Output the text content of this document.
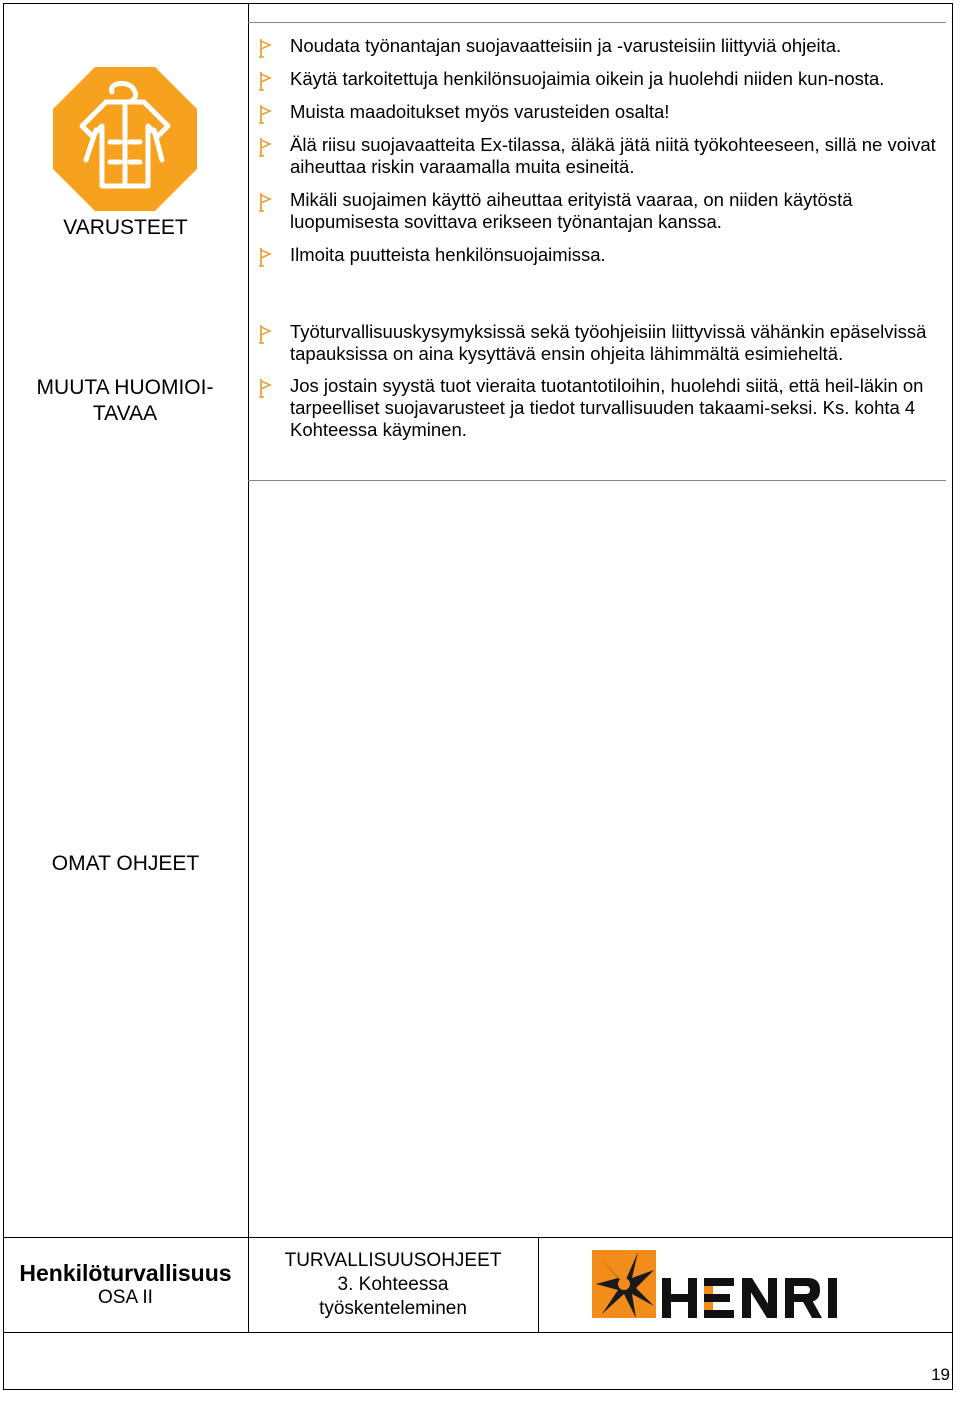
VARUSTEET
MUUTA HUOMIOI-TAVAA
OMAT OHJEET
Noudata työnantajan suojavaatteisiin ja -varusteisiin liittyviä ohjeita.
Käytä tarkoitettuja henkilönsuojaimia oikein ja huolehdi niiden kun-nosta.
Muista maadoitukset myös varusteiden osalta!
Älä riisu suojavaatteita Ex-tilassa, äläkä jätä niitä työkohteeseen, sillä ne voivat aiheuttaa riskin varaamalla muita esineitä.
Mikäli suojaimen käyttö aiheuttaa erityistä vaaraa, on niiden käytöstä luopumisesta sovittava erikseen työnantajan kanssa.
Ilmoita puutteista henkilönsuojaimissa.
Työturvallisuuskysymyksissä sekä työohjeisiin liittyvissä vähänkin epäselvissä tapauksissa on aina kysyttävä ensin ohjeita lähimmältä esimieheltä.
Jos jostain syystä tuot vieraita tuotantotiloihin, huolehdi siitä, että heil-läkin on tarpeelliset suojavarusteet ja tiedot turvallisuuden takaami-seksi. Ks. kohta 4 Kohteessa käyminen.
Henkilöturvallisuus
OSA II
TURVALLISUUSOHJEET
3. Kohteessa työskenteleminen
19
